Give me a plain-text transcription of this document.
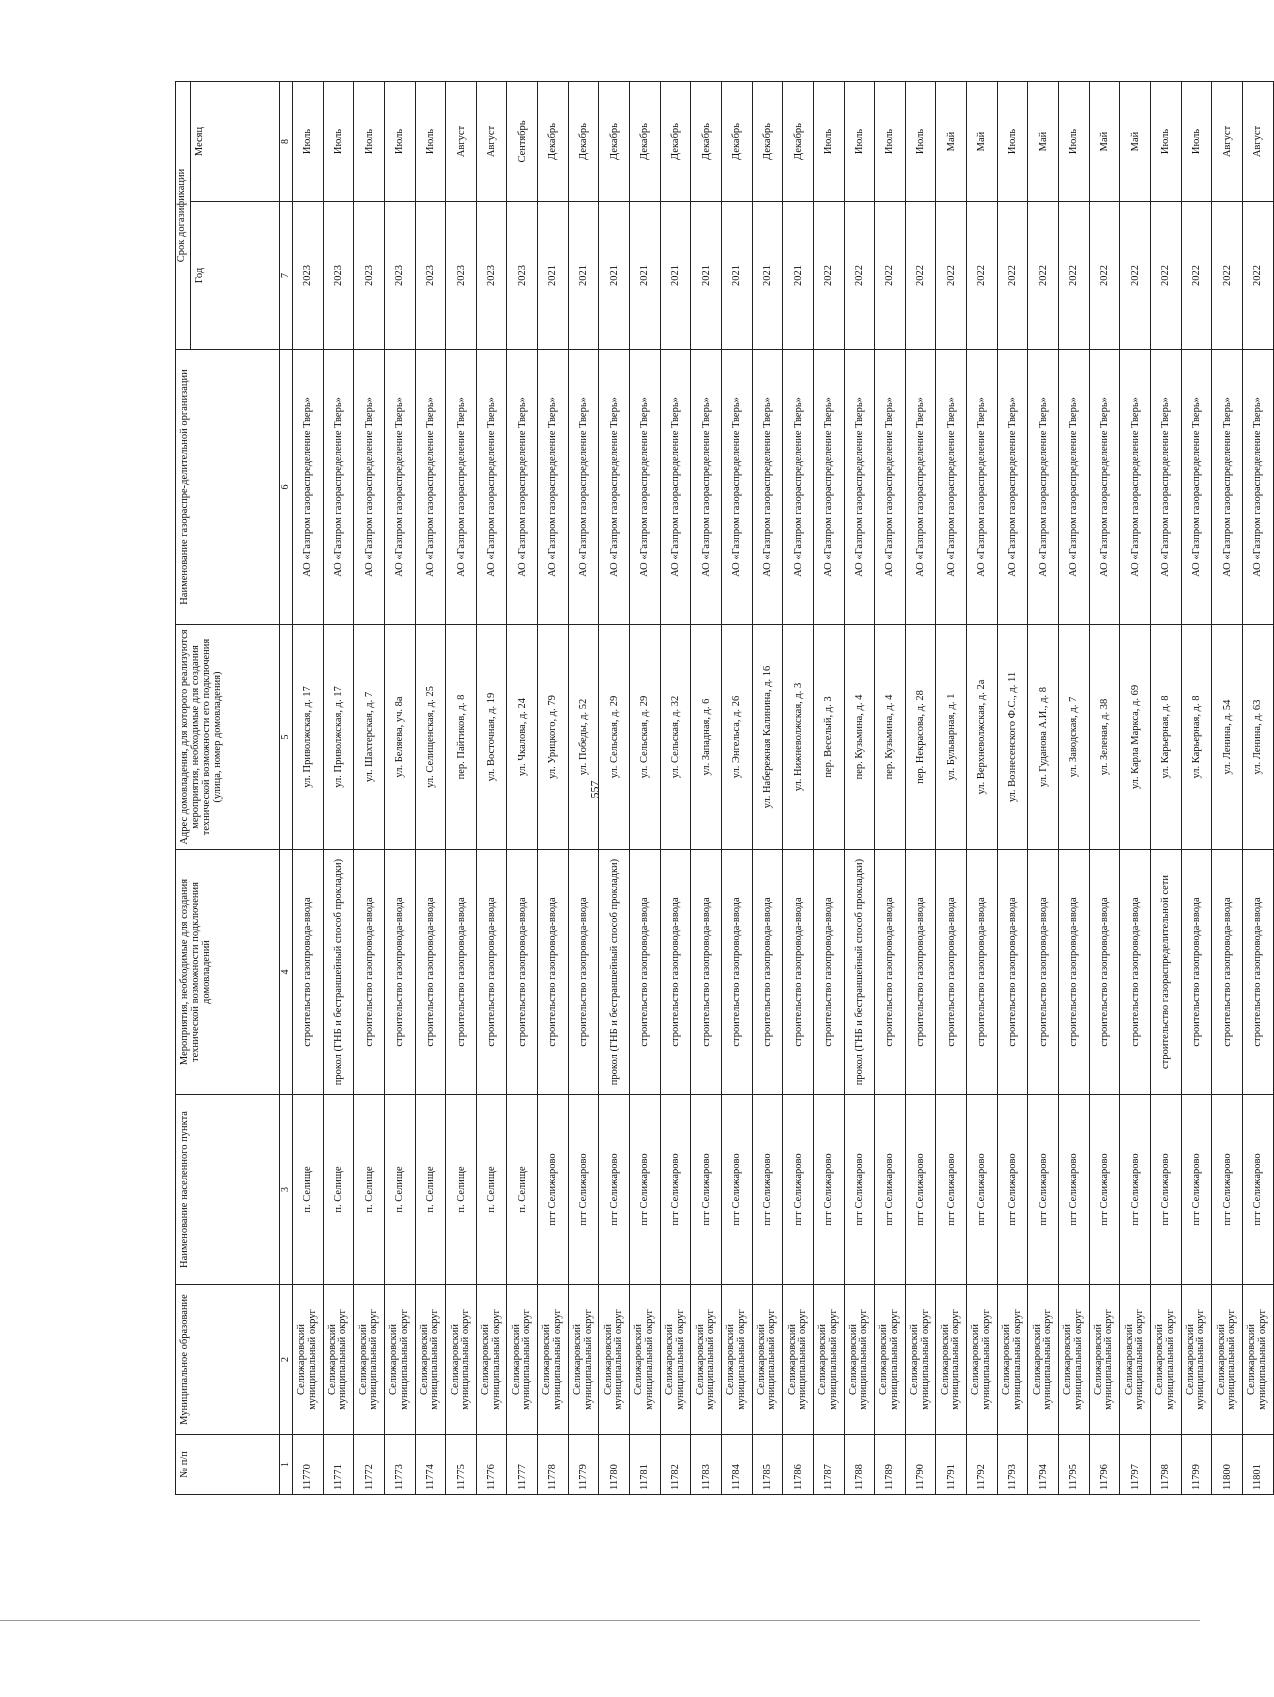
557
№ п/п	Муниципальное образование	Наименование населенного пункта	Мероприятия, необходимые для создания технической возможности подключения домовладений	Адрес домовладения, для которого реализуются мероприятия, необходимые для создания технической возможности его подключения (улица, номер домовладения)	Наименование газораспре-делительной организации	Срок догазификации	
						Год	Месяц
1	2	3	4	5	6	7	8
11770	Селижаровский муниципальный округ	п. Селище	строительство газопровода-ввода	ул. Приволжская, д. 17	АО «Газпром газораспределение Тверь»	2023	Июль
11771	Селижаровский муниципальный округ	п. Селище	прокол (ГНБ и бестраншейный способ прокладки)	ул. Приволжская, д. 17	АО «Газпром газораспределение Тверь»	2023	Июль
11772	Селижаровский муниципальный округ	п. Селище	строительство газопровода-ввода	ул. Шахтерская, д. 7	АО «Газпром газораспределение Тверь»	2023	Июль
11773	Селижаровский муниципальный округ	п. Селище	строительство газопровода-ввода	ул. Беляева, уч. 8а	АО «Газпром газораспределение Тверь»	2023	Июль
11774	Селижаровский муниципальный округ	п. Селище	строительство газопровода-ввода	ул. Селищенская, д. 25	АО «Газпром газораспределение Тверь»	2023	Июль
11775	Селижаровский муниципальный округ	п. Селище	строительство газопровода-ввода	пер. Пайтиков, д. 8	АО «Газпром газораспределение Тверь»	2023	Август
11776	Селижаровский муниципальный округ	п. Селище	строительство газопровода-ввода	ул. Восточная, д. 19	АО «Газпром газораспределение Тверь»	2023	Август
11777	Селижаровский муниципальный округ	п. Селище	строительство газопровода-ввода	ул. Чкалова, д. 24	АО «Газпром газораспределение Тверь»	2023	Сентябрь
11778	Селижаровский муниципальный округ	пгт Селижарово	строительство газопровода-ввода	ул. Урицкого, д. 79	АО «Газпром газораспределение Тверь»	2021	Декабрь
11779	Селижаровский муниципальный округ	пгт Селижарово	строительство газопровода-ввода	ул. Победы, д. 52	АО «Газпром газораспределение Тверь»	2021	Декабрь
11780	Селижаровский муниципальный округ	пгт Селижарово	прокол (ГНБ и бестраншейный способ прокладки)	ул. Сельская, д. 29	АО «Газпром газораспределение Тверь»	2021	Декабрь
11781	Селижаровский муниципальный округ	пгт Селижарово	строительство газопровода-ввода	ул. Сельская, д. 29	АО «Газпром газораспределение Тверь»	2021	Декабрь
11782	Селижаровский муниципальный округ	пгт Селижарово	строительство газопровода-ввода	ул. Сельская, д. 32	АО «Газпром газораспределение Тверь»	2021	Декабрь
11783	Селижаровский муниципальный округ	пгт Селижарово	строительство газопровода-ввода	ул. Западная, д. 6	АО «Газпром газораспределение Тверь»	2021	Декабрь
11784	Селижаровский муниципальный округ	пгт Селижарово	строительство газопровода-ввода	ул. Энгельса, д. 26	АО «Газпром газораспределение Тверь»	2021	Декабрь
11785	Селижаровский муниципальный округ	пгт Селижарово	строительство газопровода-ввода	ул. Набережная Калинина, д. 16	АО «Газпром газораспределение Тверь»	2021	Декабрь
11786	Селижаровский муниципальный округ	пгт Селижарово	строительство газопровода-ввода	ул. Нижневолжская, д. 3	АО «Газпром газораспределение Тверь»	2021	Декабрь
11787	Селижаровский муниципальный округ	пгт Селижарово	строительство газопровода-ввода	пер. Веселый, д. 3	АО «Газпром газораспределение Тверь»	2022	Июль
11788	Селижаровский муниципальный округ	пгт Селижарово	прокол (ГНБ и бестраншейный способ прокладки)	пер. Кузьмина, д. 4	АО «Газпром газораспределение Тверь»	2022	Июль
11789	Селижаровский муниципальный округ	пгт Селижарово	строительство газопровода-ввода	пер. Кузьмина, д. 4	АО «Газпром газораспределение Тверь»	2022	Июль
11790	Селижаровский муниципальный округ	пгт Селижарово	строительство газопровода-ввода	пер. Некрасова, д. 28	АО «Газпром газораспределение Тверь»	2022	Июль
11791	Селижаровский муниципальный округ	пгт Селижарово	строительство газопровода-ввода	ул. Бульварная, д. 1	АО «Газпром газораспределение Тверь»	2022	Май
11792	Селижаровский муниципальный округ	пгт Селижарово	строительство газопровода-ввода	ул. Верхневолжская, д. 2а	АО «Газпром газораспределение Тверь»	2022	Май
11793	Селижаровский муниципальный округ	пгт Селижарово	строительство газопровода-ввода	ул. Вознесенского Ф.С., д. 11	АО «Газпром газораспределение Тверь»	2022	Июль
11794	Селижаровский муниципальный округ	пгт Селижарово	строительство газопровода-ввода	ул. Гуданова А.И., д. 8	АО «Газпром газораспределение Тверь»	2022	Май
11795	Селижаровский муниципальный округ	пгт Селижарово	строительство газопровода-ввода	ул. Заводская, д. 7	АО «Газпром газораспределение Тверь»	2022	Июль
11796	Селижаровский муниципальный округ	пгт Селижарово	строительство газопровода-ввода	ул. Зеленая, д. 38	АО «Газпром газораспределение Тверь»	2022	Май
11797	Селижаровский муниципальный округ	пгт Селижарово	строительство газопровода-ввода	ул. Карла Маркса, д. 69	АО «Газпром газораспределение Тверь»	2022	Май
11798	Селижаровский муниципальный округ	пгт Селижарово	строительство газораспределительной сети	ул. Карьерная, д. 8	АО «Газпром газораспределение Тверь»	2022	Июль
11799	Селижаровский муниципальный округ	пгт Селижарово	строительство газопровода-ввода	ул. Карьерная, д. 8	АО «Газпром газораспределение Тверь»	2022	Июль
11800	Селижаровский муниципальный округ	пгт Селижарово	строительство газопровода-ввода	ул. Ленина, д. 54	АО «Газпром газораспределение Тверь»	2022	Август
11801	Селижаровский муниципальный округ	пгт Селижарово	строительство газопровода-ввода	ул. Ленина, д. 63	АО «Газпром газораспределение Тверь»	2022	Август
